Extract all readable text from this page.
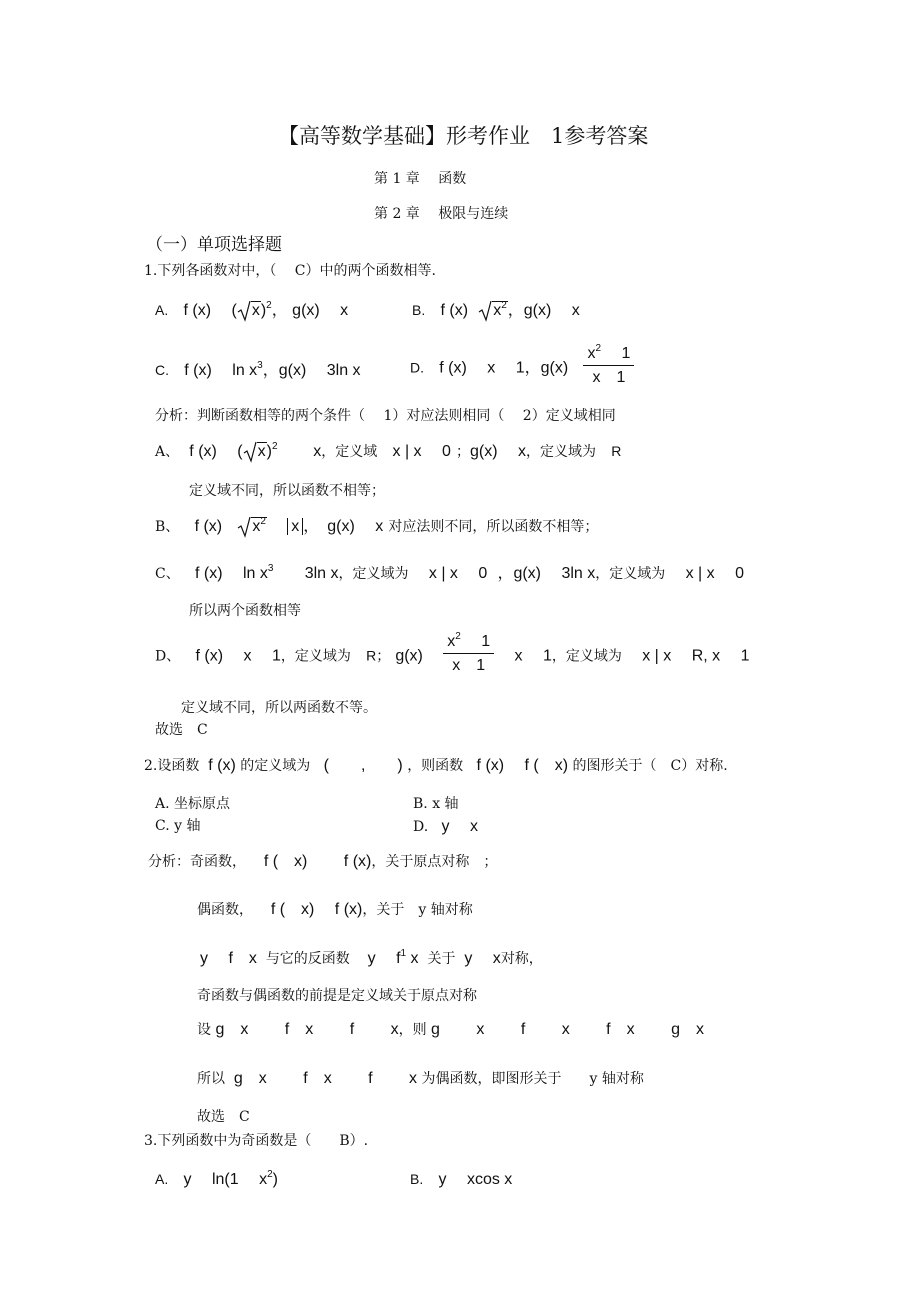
【高等数学基础】形考作业　1参考答案
第 1 章　 函数
第 2 章　 极限与连续
（一）单项选择题
1.下列各函数对中，（　 C）中的两个函数相等.
A. f (x)　 ( x)$^2$， g(x)　 x	B. f (x) $x^2$，g(x)　 x
C. f (x)　 $\ln x^3$，g(x)　 3ln x	D. f (x)　 x　 1，$g(x) \frac{x^2 1}{x 1}$
分析：判断函数相等的两个条件（　 1）对应法则相同（　 2）定义域相同
A、 f (x)　 ( x)$^2$   　 x，定义域 x | x　 0 ；g(x)　 x，定义域为 R
定义域不同，所以函数不相等；
B、 f (x) $x^2$ x ，　g(x)　 x 对应法则不同，所以函数不相等；
C、 f (x)　 $\ln x^3$   　3ln x，定义域为 x | x　 0 ，g(x)　 3ln x，定义域为 x | x　 0
所以两个函数相等
D、 f (x)　 x　 1，定义域为 R； $g(x) \frac{x^2 1}{x 1}$ x　 1，定义域为 x | x　 R, x　 1
定义域不同，所以两函数不等。
故选　C
2.设函数 f (x) 的定义域为 (　　,　　) ，则函数 f (x)　 f (　x) 的图形关于（　C）对称.
A. 坐标原点	B. x 轴
C. y 轴	D. y　 x
分析：奇函数， f (　x)　　 f (x)，关于原点对称　；
偶函数， f (　x)　 f (x)，关于　y 轴对称
y　 f　x 与它的反函数 y　 $f^1$ x 关于 y　 x对称，
奇函数与偶函数的前提是定义域关于原点对称
设 g　x　 　f　x　 　f　 　x，则 g　 　x　 　f　 　x　 　f　x　 　g　x
所以 g　x　 　f　x　 　f　 　x 为偶函数，即图形关于　　y 轴对称
故选　C
3.下列函数中为奇函数是（　　B）.
A. y　 ln(1　 $x^2$)	B. y　 xcos x
